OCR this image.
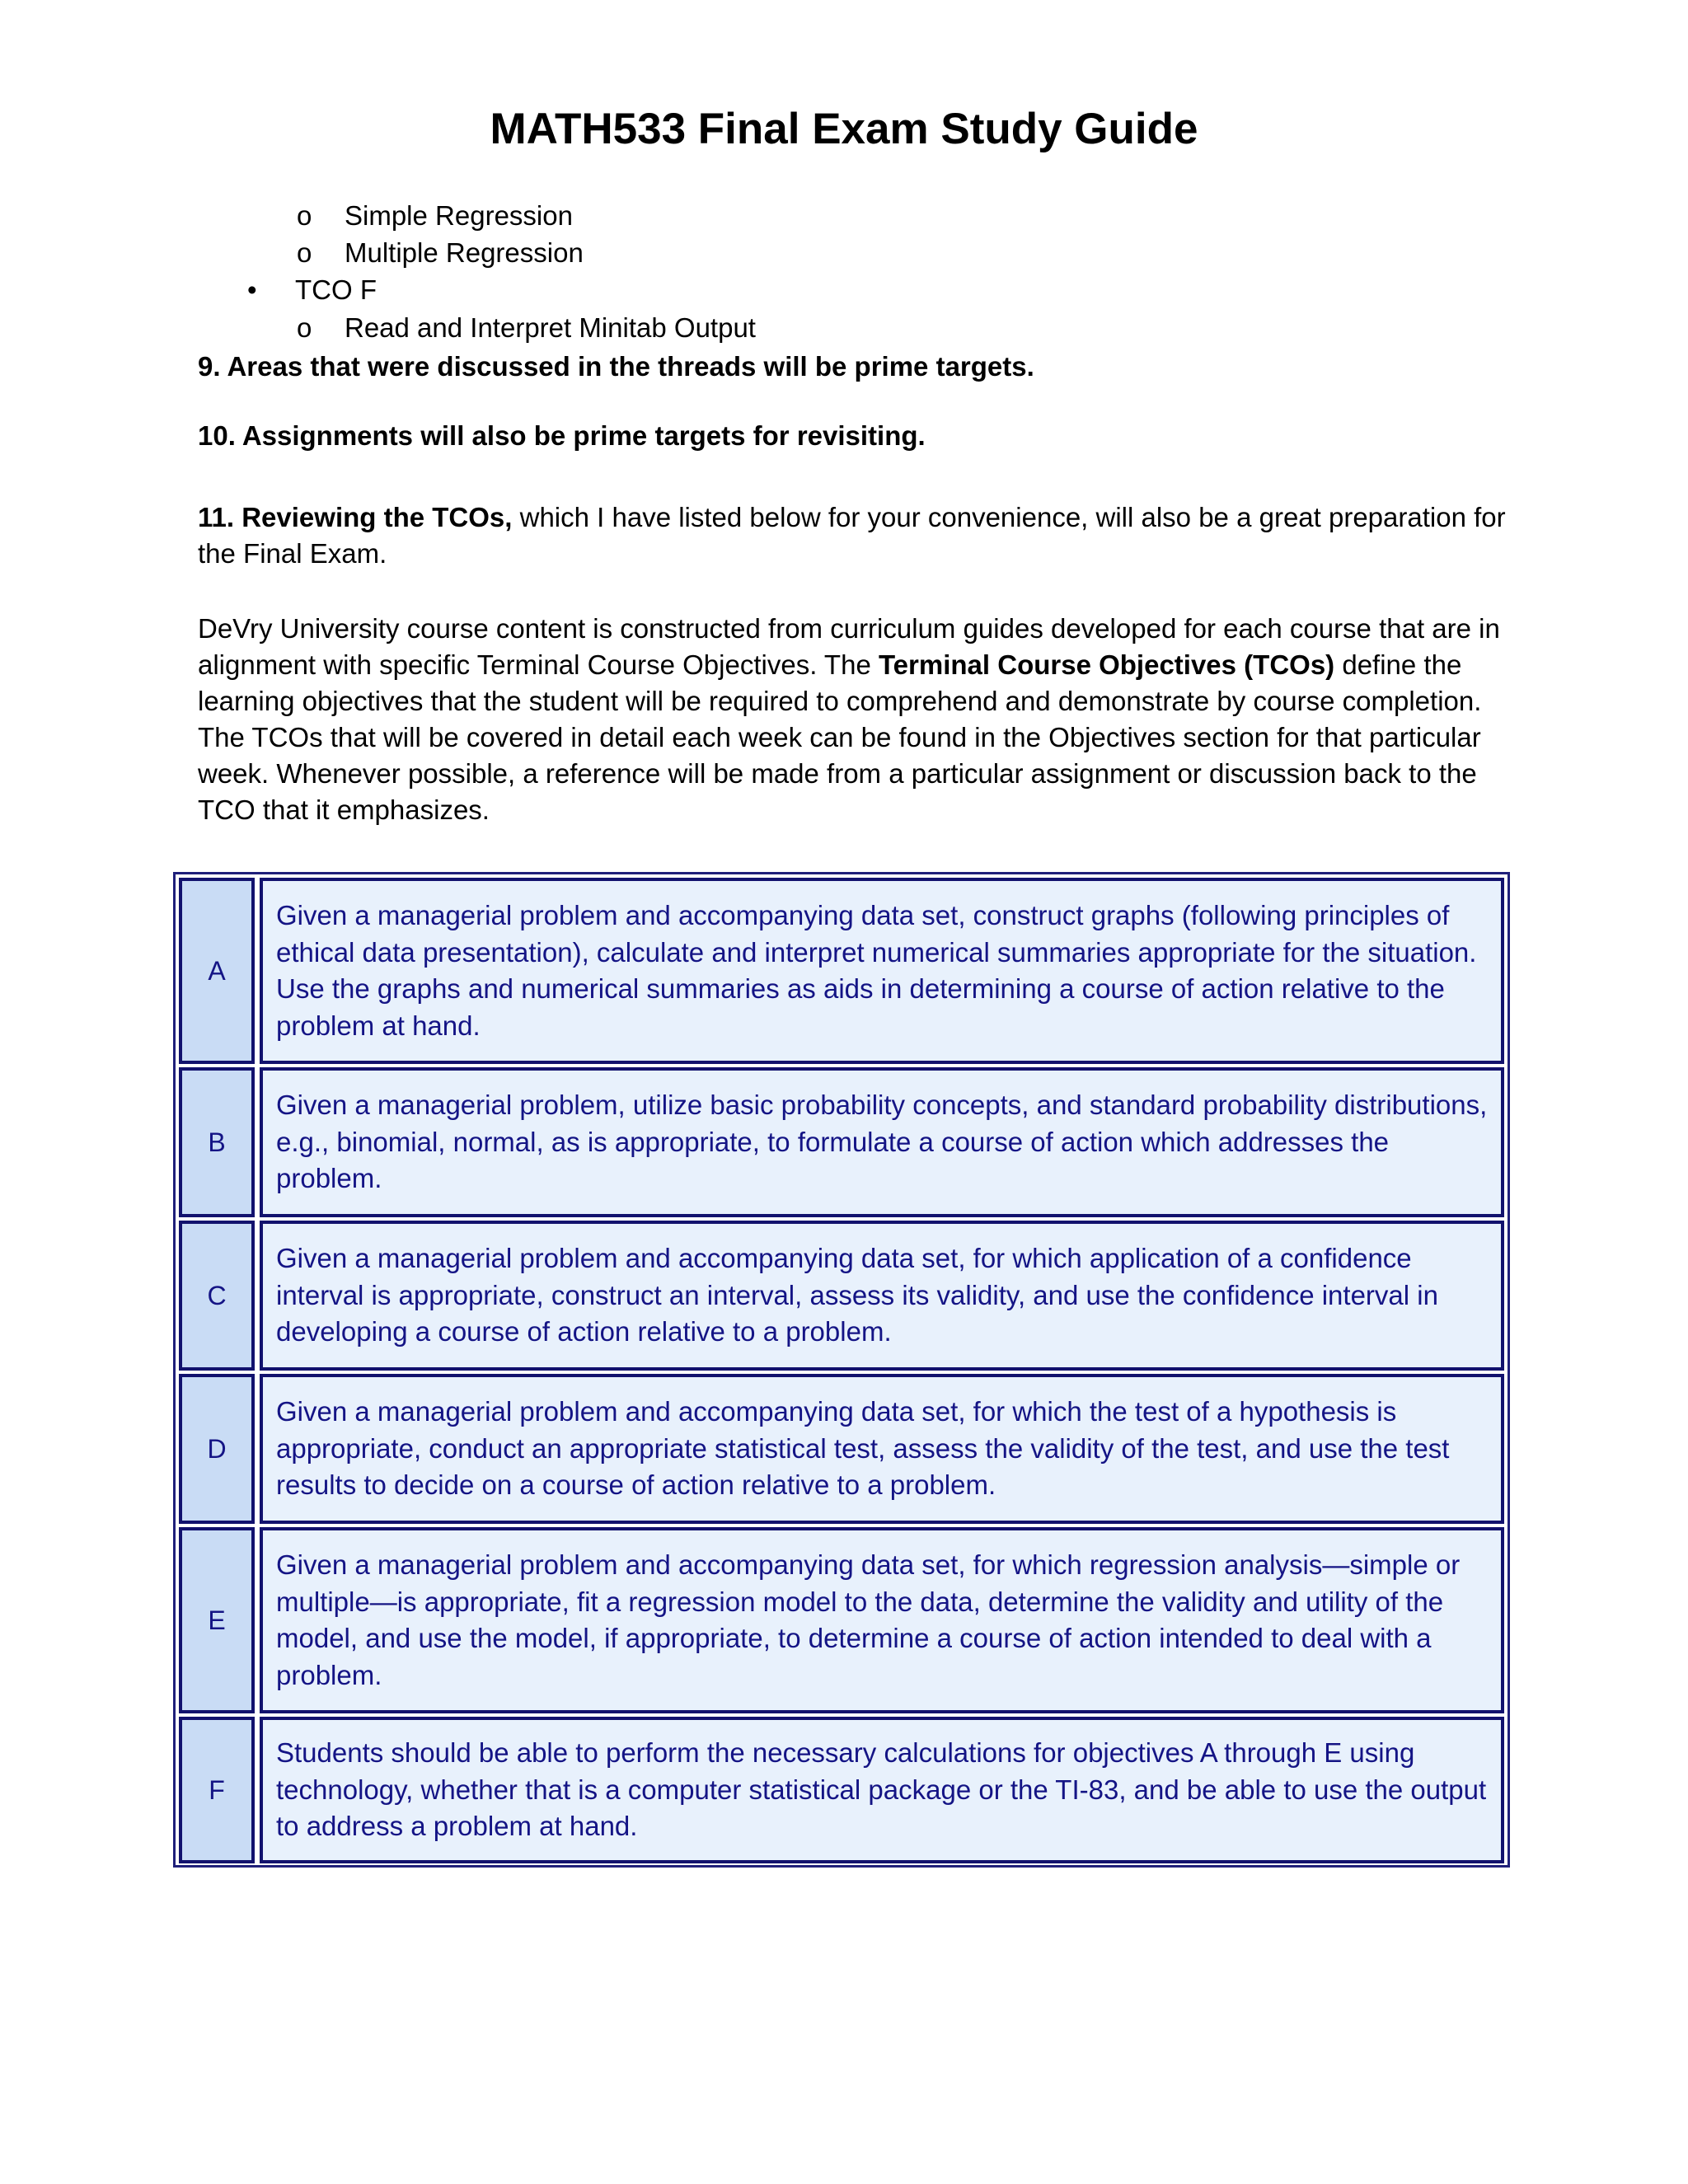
MATH533 Final Exam Study Guide
o Simple Regression
o Multiple Regression
• TCO F
o Read and Interpret Minitab Output
9. Areas that were discussed in the threads will be prime targets.
10. Assignments will also be prime targets for revisiting.
11. Reviewing the TCOs, which I have listed below for your convenience, will also be a great preparation for the Final Exam.
DeVry University course content is constructed from curriculum guides developed for each course that are in alignment with specific Terminal Course Objectives. The Terminal Course Objectives (TCOs) define the learning objectives that the student will be required to comprehend and demonstrate by course completion. The TCOs that will be covered in detail each week can be found in the Objectives section for that particular week. Whenever possible, a reference will be made from a particular assignment or discussion back to the TCO that it emphasizes.
A
Given a managerial problem and accompanying data set, construct graphs (following principles of ethical data presentation), calculate and interpret numerical summaries appropriate for the situation. Use the graphs and numerical summaries as aids in determining a course of action relative to the problem at hand.
B
Given a managerial problem, utilize basic probability concepts, and standard probability distributions, e.g., binomial, normal, as is appropriate, to formulate a course of action which addresses the problem.
C
Given a managerial problem and accompanying data set, for which application of a confidence interval is appropriate, construct an interval, assess its validity, and use the confidence interval in developing a course of action relative to a problem.
D
Given a managerial problem and accompanying data set, for which the test of a hypothesis is appropriate, conduct an appropriate statistical test, assess the validity of the test, and use the test results to decide on a course of action relative to a problem.
E
Given a managerial problem and accompanying data set, for which regression analysis—simple or multiple—is appropriate, fit a regression model to the data, determine the validity and utility of the model, and use the model, if appropriate, to determine a course of action intended to deal with a problem.
F
Students should be able to perform the necessary calculations for objectives A through E using technology, whether that is a computer statistical package or the TI-83, and be able to use the output to address a problem at hand.
